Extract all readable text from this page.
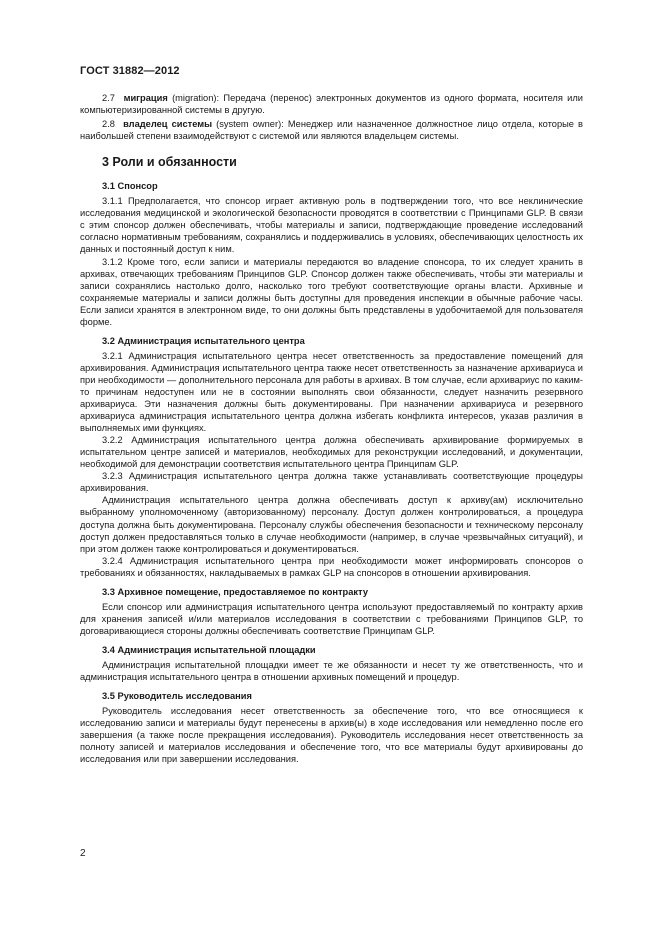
ГОСТ 31882—2012

2.7 миграция (migration): Передача (перенос) электронных документов из одного формата, носителя или компьютеризированной системы в другую.

2.8 владелец системы (system owner): Менеджер или назначенное должностное лицо отдела, которые в наибольшей степени взаимодействуют с системой или являются владельцем системы.

3 Роли и обязанности
3.1 Спонсор

3.1.1 Предполагается, что спонсор играет активную роль в подтверждении того, что все неклинические исследования медицинской и экологической безопасности проводятся в соответствии с Принципами GLP. В связи с этим спонсор должен обеспечивать, чтобы материалы и записи, подтверждающие проведение исследований согласно нормативным требованиям, сохранялись и поддерживались в условиях, обеспечивающих целостность их данных и постоянный доступ к ним.

3.1.2 Кроме того, если записи и материалы передаются во владение спонсора, то их следует хранить в архивах, отвечающих требованиям Принципов GLP. Спонсор должен также обеспечивать, чтобы эти материалы и записи сохранялись настолько долго, насколько того требуют соответствующие органы власти. Архивные и сохраняемые материалы и записи должны быть доступны для проведения инспекции в обычные рабочие часы. Если записи хранятся в электронном виде, то они должны быть представлены в удобочитаемой для пользователя форме.

3.2 Администрация испытательного центра

3.2.1 Администрация испытательного центра несет ответственность за предоставление помещений для архивирования. Администрация испытательного центра также несет ответственность за назначение архивариуса и при необходимости — дополнительного персонала для работы в архивах. В том случае, если архивариус по каким-то причинам недоступен или не в состоянии выполнять свои обязанности, следует назначить резервного архивариуса. Эти назначения должны быть документированы. При назначении архивариуса и резервного архивариуса администрация испытательного центра должна избегать конфликта интересов, указав различия в выполняемых ими функциях.

3.2.2 Администрация испытательного центра должна обеспечивать архивирование формируемых в испытательном центре записей и материалов, необходимых для реконструкции исследований, и документации, необходимой для демонстрации соответствия испытательного центра Принципам GLP.

3.2.3 Администрация испытательного центра должна также устанавливать соответствующие процедуры архивирования.

Администрация испытательного центра должна обеспечивать доступ к архиву(ам) исключительно выбранному уполномоченному (авторизованному) персоналу. Доступ должен контролироваться, а процедура доступа должна быть документирована. Персоналу службы обеспечения безопасности и техническому персоналу доступ должен предоставляться только в случае необходимости (например, в случае чрезвычайных ситуаций), и при этом должен также контролироваться и документироваться.

3.2.4 Администрация испытательного центра при необходимости может информировать спонсоров о требованиях и обязанностях, накладываемых в рамках GLP на спонсоров в отношении архивирования.

3.3 Архивное помещение, предоставляемое по контракту

Если спонсор или администрация испытательного центра используют предоставляемый по контракту архив для хранения записей и/или материалов исследования в соответствии с требованиями Принципов GLP, то договаривающиеся стороны должны обеспечивать соответствие Принципам GLP.

3.4 Администрация испытательной площадки

Администрация испытательной площадки имеет те же обязанности и несет ту же ответственность, что и администрация испытательного центра в отношении архивных помещений и процедур.

3.5 Руководитель исследования

Руководитель исследования несет ответственность за обеспечение того, что все относящиеся к исследованию записи и материалы будут перенесены в архив(ы) в ходе исследования или немедленно после его завершения (а также после прекращения исследования). Руководитель исследования несет ответственность за полноту записей и материалов исследования и обеспечение того, что все материалы будут архивированы до исследования или при завершении исследования.

2
